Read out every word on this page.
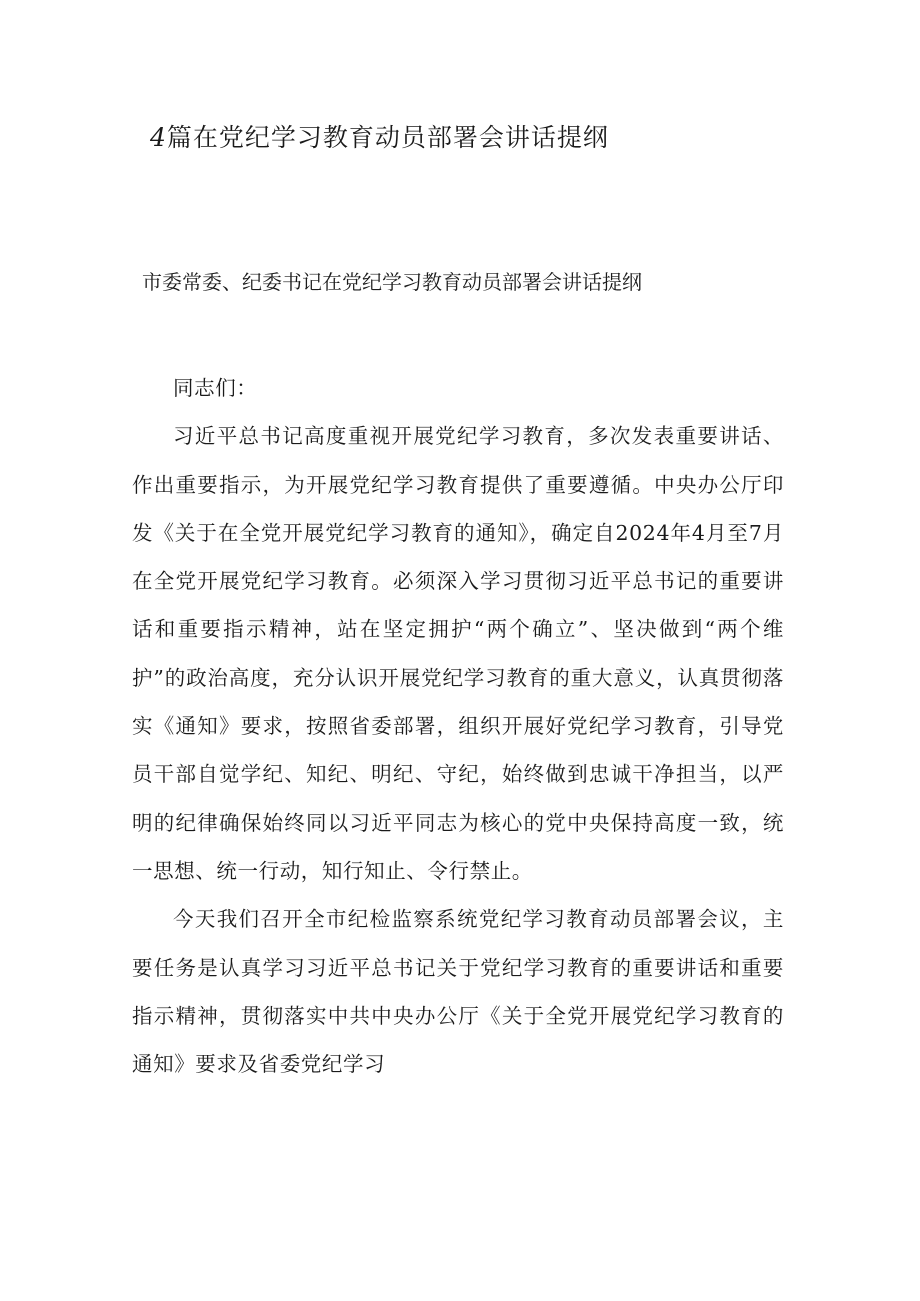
4篇在党纪学习教育动员部署会讲话提纲
市委常委、纪委书记在党纪学习教育动员部署会讲话提纲

同志们：

习近平总书记高度重视开展党纪学习教育，多次发表重要讲话、作出重要指示，为开展党纪学习教育提供了重要遵循。中央办公厅印发《关于在全党开展党纪学习教育的通知》，确定自2024年4月至7月在全党开展党纪学习教育。必须深入学习贯彻习近平总书记的重要讲话和重要指示精神，站在坚定拥护“两个确立”、坚决做到“两个维护”的政治高度，充分认识开展党纪学习教育的重大意义，认真贯彻落实《通知》要求，按照省委部署，组织开展好党纪学习教育，引导党员干部自觉学纪、知纪、明纪、守纪，始终做到忠诚干净担当，以严明的纪律确保始终同以习近平同志为核心的党中央保持高度一致，统一思想、统一行动，知行知止、令行禁止。

今天我们召开全市纪检监察系统党纪学习教育动员部署会议，主要任务是认真学习习近平总书记关于党纪学习教育的重要讲话和重要指示精神，贯彻落实中共中央办公厅《关于全党开展党纪学习教育的通知》要求及省委党纪学习
